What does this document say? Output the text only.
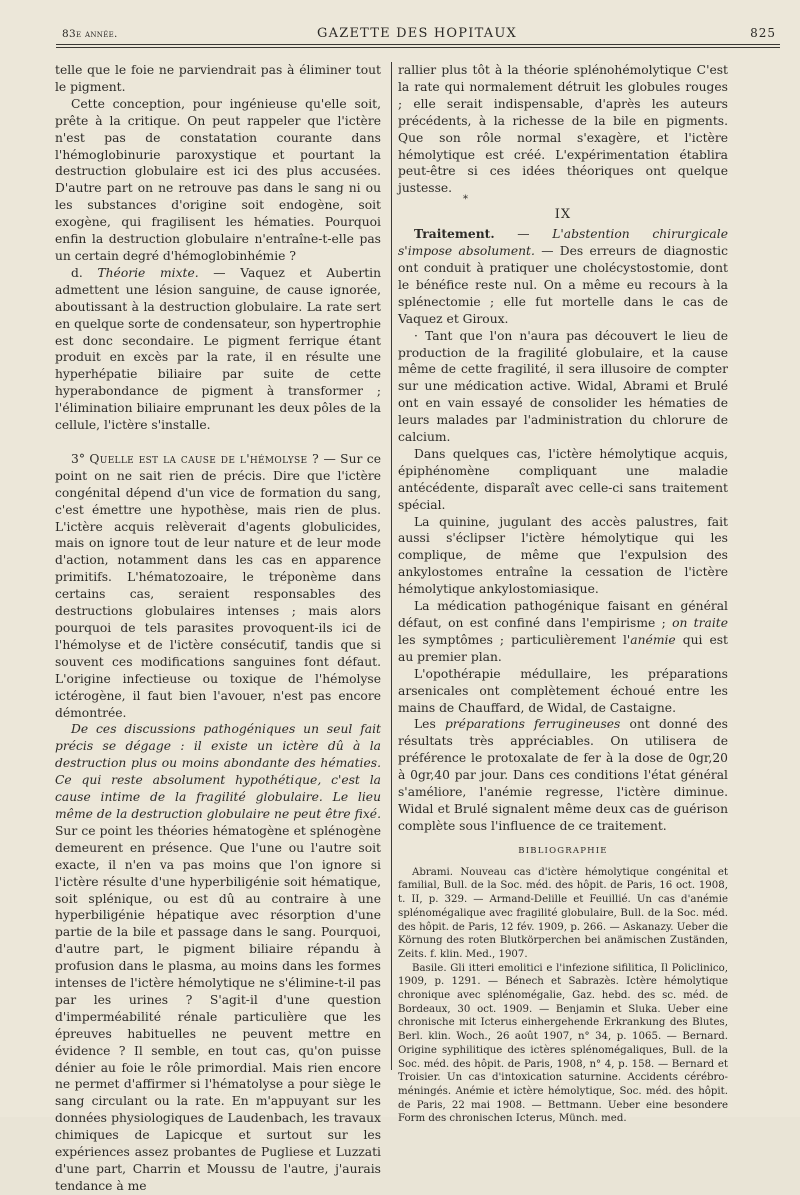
83e année.	GAZETTE DES HOPITAUX	825

telle que le foie ne parviendrait pas à éliminer tout le pigment.

Cette conception, pour ingénieuse qu'elle soit, prête à la critique. On peut rappeler que l'ictère n'est pas de constatation courante dans l'hémoglobinurie paroxystique et pourtant la destruction globulaire est ici des plus accusées. D'autre part on ne retrouve pas dans le sang ni ou les substances d'origine soit endogène, soit exogène, qui fragilisent les hématies. Pourquoi enfin la destruction globulaire n'entraîne-t-elle pas un certain degré d'hémoglobinhémie ?

d. Théorie mixte. — Vaquez et Aubertin admettent une lésion sanguine, de cause ignorée, aboutissant à la destruction globulaire. La rate sert en quelque sorte de condensateur, son hypertrophie est donc secondaire. Le pigment ferrique étant produit en excès par la rate, il en résulte une hyperhépatie biliaire par suite de cette hyperabondance de pigment à transformer ; l'élimination biliaire emprunant les deux pôles de la cellule, l'ictère s'installe.

3° Quelle est la cause de l'hémolyse ? — Sur ce point on ne sait rien de précis. Dire que l'ictère congénital dépend d'un vice de formation du sang, c'est émettre une hypothèse, mais rien de plus. L'ictère acquis relèverait d'agents globulicides, mais on ignore tout de leur nature et de leur mode d'action, notamment dans les cas en apparence primitifs. L'hématozoaire, le tréponème dans certains cas, seraient responsables des destructions globulaires intenses ; mais alors pourquoi de tels parasites provoquent-ils ici de l'hémolyse et de l'ictère consécutif, tandis que si souvent ces modifications sanguines font défaut. L'origine infectieuse ou toxique de l'hémolyse ictérogène, il faut bien l'avouer, n'est pas encore démontrée.

De ces discussions pathogéniques un seul fait précis se dégage : il existe un ictère dû à la destruction plus ou moins abondante des hématies. Ce qui reste absolument hypothétique, c'est la cause intime de la fragilité globulaire. Le lieu même de la destruction globulaire ne peut être fixé. Sur ce point les théories hématogène et splénogène demeurent en présence. Que l'une ou l'autre soit exacte, il n'en va pas moins que l'on ignore si l'ictère résulte d'une hyperbiligénie soit hématique, soit splénique, ou est dû au contraire à une hyperbiligénie hépatique avec résorption d'une partie de la bile et passage dans le sang. Pourquoi, d'autre part, le pigment biliaire répandu à profusion dans le plasma, au moins dans les formes intenses de l'ictère hémolytique ne s'élimine-t-il pas par les urines ? S'agit-il d'une question d'imperméabilité rénale particulière que les épreuves habituelles ne peuvent mettre en évidence ? Il semble, en tout cas, qu'on puisse dénier au foie le rôle primordial. Mais rien encore ne permet d'affirmer si l'hématolyse a pour siège le sang circulant ou la rate. En m'appuyant sur les données physiologiques de Laudenbach, les travaux chimiques de Lapicque et surtout sur les expériences assez probantes de Pugliese et Luzzati d'une part, Charrin et Moussu de l'autre, j'aurais tendance à me

rallier plus tôt à la théorie splénohémolytique C'est la rate qui normalement détruit les globules rouges ; elle serait indispensable, d'après les auteurs précédents, à la richesse de la bile en pigments. Que son rôle normal s'exagère, et l'ictère hémolytique est créé. L'expérimentation établira peut-être si ces idées théoriques ont quelque justesse.

*
IX

Traitement. — L'abstention chirurgicale s'impose absolument. — Des erreurs de diagnostic ont conduit à pratiquer une cholécystostomie, dont le bénéfice reste nul. On a même eu recours à la splénectomie ; elle fut mortelle dans le cas de Vaquez et Giroux.

· Tant que l'on n'aura pas découvert le lieu de production de la fragilité globulaire, et la cause même de cette fragilité, il sera illusoire de compter sur une médication active. Widal, Abrami et Brulé ont en vain essayé de consolider les hématies de leurs malades par l'administration du chlorure de calcium.

Dans quelques cas, l'ictère hémolytique acquis, épiphénomène compliquant une maladie antécédente, disparaît avec celle-ci sans traitement spécial.

La quinine, jugulant des accès palustres, fait aussi s'éclipser l'ictère hémolytique qui les complique, de même que l'expulsion des ankylostomes entraîne la cessation de l'ictère hémolytique ankylostomiasique.

La médication pathogénique faisant en général défaut, on est confiné dans l'empirisme ; on traite les symptômes ; particulièrement l'anémie qui est au premier plan.

L'opothérapie médullaire, les préparations arsenicales ont complètement échoué entre les mains de Chauffard, de Widal, de Castaigne.

Les préparations ferrugineuses ont donné des résultats très appréciables. On utilisera de préférence le protoxalate de fer à la dose de 0gr,20 à 0gr,40 par jour. Dans ces conditions l'état général s'améliore, l'anémie regresse, l'ictère diminue. Widal et Brulé signalent même deux cas de guérison complète sous l'influence de ce traitement.

BIBLIOGRAPHIE

Abrami. Nouveau cas d'ictère hémolytique congénital et familial, Bull. de la Soc. méd. des hôpit. de Paris, 16 oct. 1908, t. II, p. 329. — Armand-Delille et Feuillié. Un cas d'anémie splénomégalique avec fragilité globulaire, Bull. de la Soc. méd. des hôpit. de Paris, 12 fév. 1909, p. 266. — Askanazy. Ueber die Körnung des roten Blutkörperchen bei anämischen Zuständen, Zeits. f. klin. Med., 1907.

Basile. Gli itteri emolitici e l'infezione sifilitica, Il Policlinico, 1909, p. 1291. — Bénech et Sabrazès. Ictère hémolytique chronique avec splénomégalie, Gaz. hebd. des sc. méd. de Bordeaux, 30 oct. 1909. — Benjamin et Sluka. Ueber eine chronische mit Icterus einhergehende Erkrankung des Blutes, Berl. klin. Woch., 26 août 1907, n° 34, p. 1065. — Bernard. Origine syphilitique des ictères splénomégaliques, Bull. de la Soc. méd. des hôpit. de Paris, 1908, n° 4, p. 158. — Bernard et Troisier. Un cas d'intoxication saturnine. Accidents cérébro-méningés. Anémie et ictère hémolytique, Soc. méd. des hôpit. de Paris, 22 mai 1908. — Bettmann. Ueber eine besondere Form des chronischen Icterus, Münch. med.
